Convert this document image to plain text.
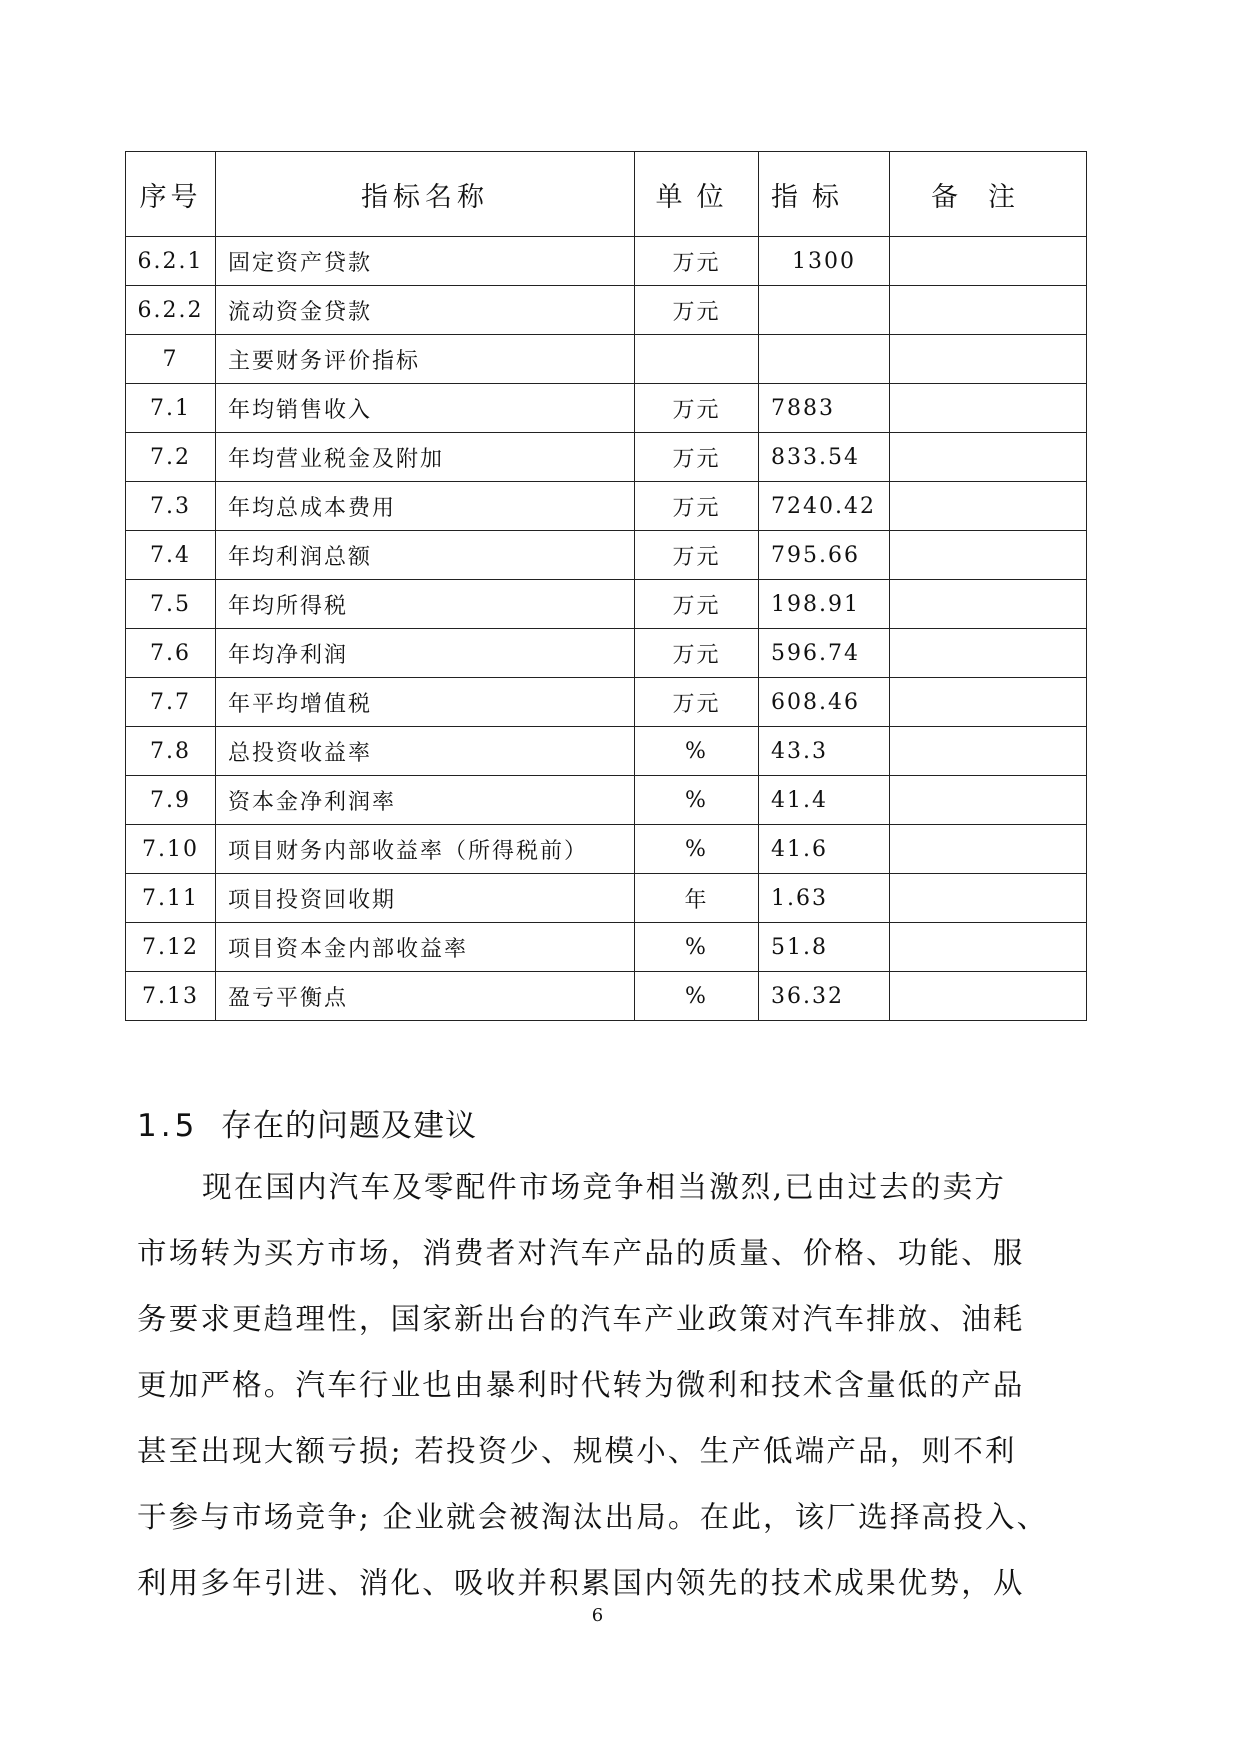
序号	指标名称	单位	指标	备注
6.2.1	固定资产贷款	万元	1300	
6.2.2	流动资金贷款	万元		
7	主要财务评价指标			
7.1	年均销售收入	万元	7883	
7.2	年均营业税金及附加	万元	833.54	
7.3	年均总成本费用	万元	7240.42	
7.4	年均利润总额	万元	795.66	
7.5	年均所得税	万元	198.91	
7.6	年均净利润	万元	596.74	
7.7	年平均增值税	万元	608.46	
7.8	总投资收益率	%	43.3	
7.9	资本金净利润率	%	41.4	
7.10	项目财务内部收益率（所得税前）	%	41.6	
7.11	项目投资回收期	年	1.63	
7.12	项目资本金内部收益率	%	51.8	
7.13	盈亏平衡点	%	36.32	
1.5 存在的问题及建议
现在国内汽车及零配件市场竞争相当激烈,已由过去的卖方
市场转为买方市场，消费者对汽车产品的质量、价格、功能、服
务要求更趋理性，国家新出台的汽车产业政策对汽车排放、油耗
更加严格。汽车行业也由暴利时代转为微利和技术含量低的产品
甚至出现大额亏损; 若投资少、规模小、生产低端产品，则不利
于参与市场竞争; 企业就会被淘汰出局。在此，该厂选择高投入、
利用多年引进、消化、吸收并积累国内领先的技术成果优势，从
6
